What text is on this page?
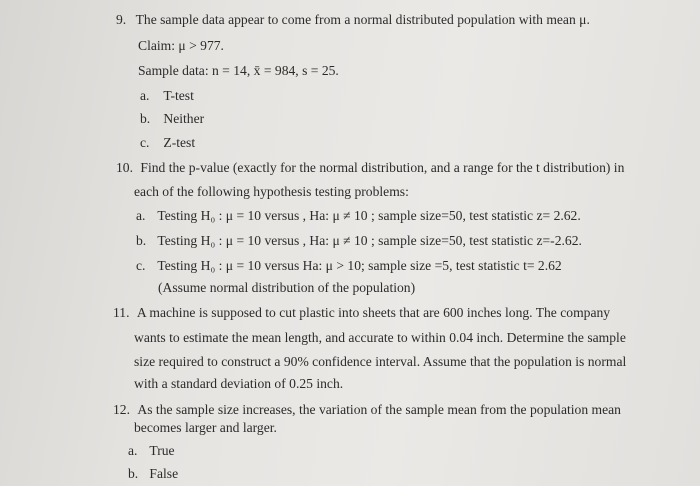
9. The sample data appear to come from a normal distributed population with mean μ.
Claim: μ > 977.
Sample data: n = 14, x̄ = 984, s = 25.
a. T-test
b. Neither
c. Z-test
10. Find the p-value (exactly for the normal distribution, and a range for the t distribution) in
each of the following hypothesis testing problems:
a. Testing H₀ : μ = 10 versus , Ha: μ ≠ 10 ; sample size=50, test statistic z= 2.62.
b. Testing H₀ : μ = 10 versus , Ha: μ ≠ 10 ; sample size=50, test statistic z=-2.62.
c. Testing H₀ : μ = 10 versus Ha: μ > 10; sample size =5, test statistic t= 2.62
(Assume normal distribution of the population)
11. A machine is supposed to cut plastic into sheets that are 600 inches long. The company
wants to estimate the mean length, and accurate to within 0.04 inch. Determine the sample
size required to construct a 90% confidence interval. Assume that the population is normal
with a standard deviation of 0.25 inch.
12. As the sample size increases, the variation of the sample mean from the population mean
becomes larger and larger.
a. True
b. False
